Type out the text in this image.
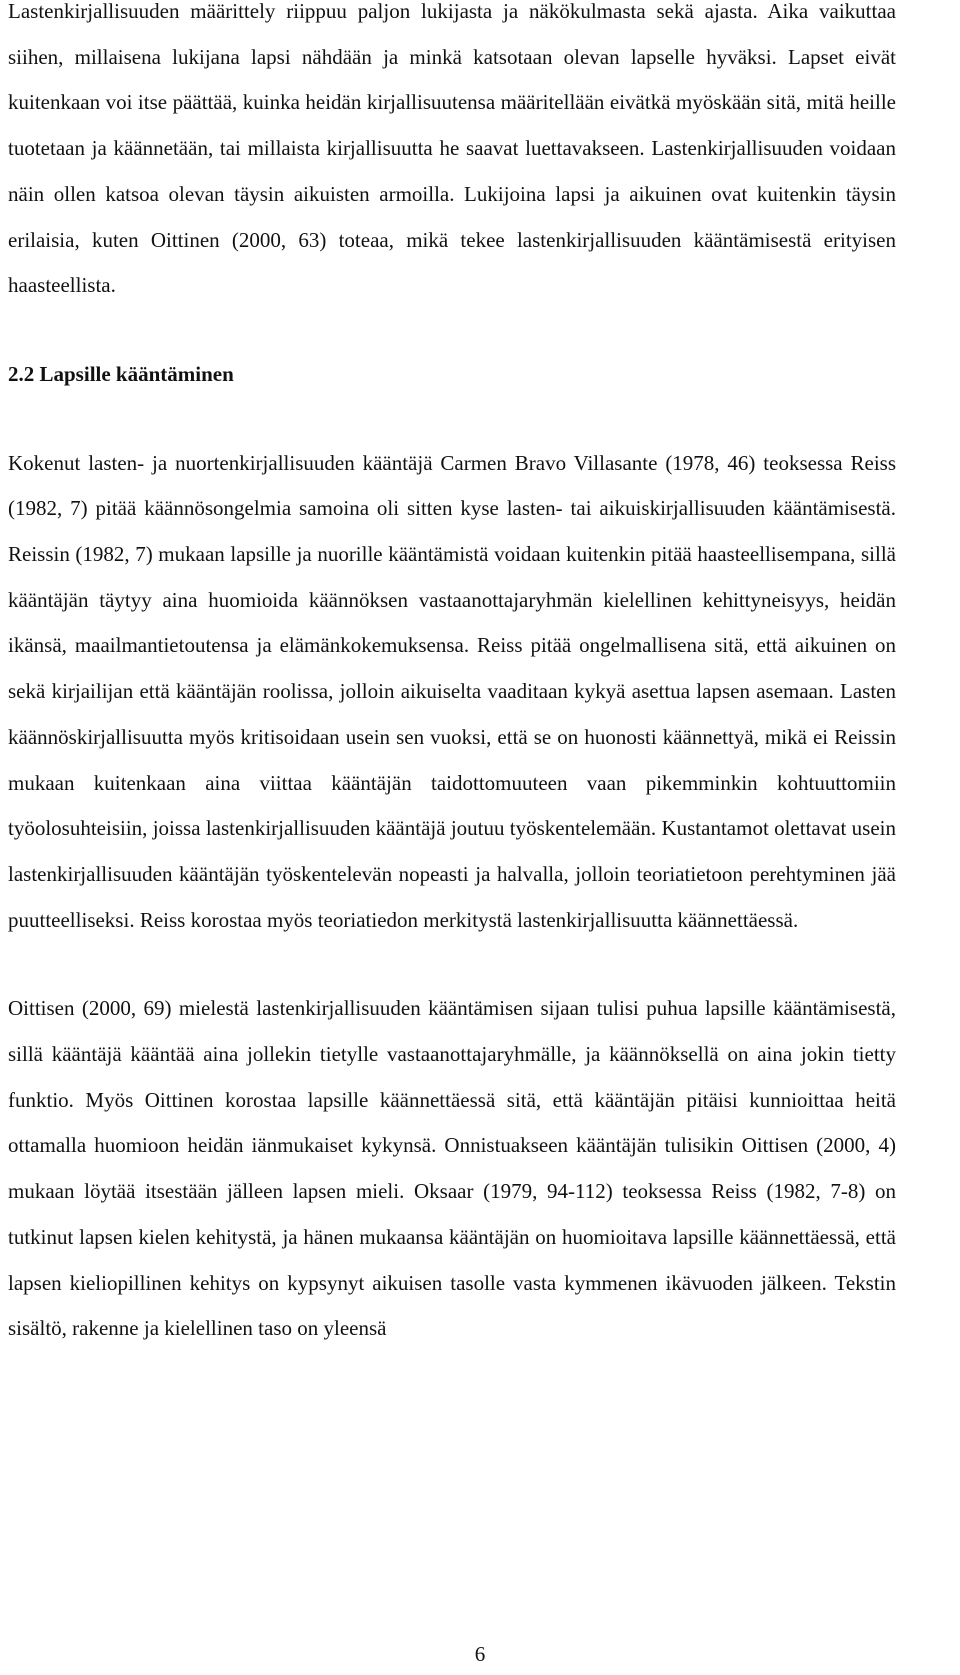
Lastenkirjallisuuden määrittely riippuu paljon lukijasta ja näkökulmasta sekä ajasta. Aika vaikuttaa siihen, millaisena lukijana lapsi nähdään ja minkä katsotaan olevan lapselle hyväksi. Lapset eivät kuitenkaan voi itse päättää, kuinka heidän kirjallisuutensa määritellään eivätkä myöskään sitä, mitä heille tuotetaan ja käännetään, tai millaista kirjallisuutta he saavat luettavakseen. Lastenkirjallisuuden voidaan näin ollen katsoa olevan täysin aikuisten armoilla. Lukijoina lapsi ja aikuinen ovat kuitenkin täysin erilaisia, kuten Oittinen (2000, 63) toteaa, mikä tekee lastenkirjallisuuden kääntämisestä erityisen haasteellista.

2.2 Lapsille kääntäminen

Kokenut lasten- ja nuortenkirjallisuuden kääntäjä Carmen Bravo Villasante (1978, 46) teoksessa Reiss (1982, 7) pitää käännösongelmia samoina oli sitten kyse lasten- tai aikuiskirjallisuuden kääntämisestä. Reissin (1982, 7) mukaan lapsille ja nuorille kääntämistä voidaan kuitenkin pitää haasteellisempana, sillä kääntäjän täytyy aina huomioida käännöksen vastaanottajaryhmän kielellinen kehittyneisyys, heidän ikänsä, maailmantietoutensa ja elämänkokemuksensa. Reiss pitää ongelmallisena sitä, että aikuinen on sekä kirjailijan että kääntäjän roolissa, jolloin aikuiselta vaaditaan kykyä asettua lapsen asemaan. Lasten käännöskirjallisuutta myös kritisoidaan usein sen vuoksi, että se on huonosti käännettyä, mikä ei Reissin mukaan kuitenkaan aina viittaa kääntäjän taidottomuuteen vaan pikemminkin kohtuuttomiin työolosuhteisiin, joissa lastenkirjallisuuden kääntäjä joutuu työskentelemään. Kustantamot olettavat usein lastenkirjallisuuden kääntäjän työskentelevän nopeasti ja halvalla, jolloin teoriatietoon perehtyminen jää puutteelliseksi. Reiss korostaa myös teoriatiedon merkitystä lastenkirjallisuutta käännettäessä.

Oittisen (2000, 69) mielestä lastenkirjallisuuden kääntämisen sijaan tulisi puhua lapsille kääntämisestä, sillä kääntäjä kääntää aina jollekin tietylle vastaanottajaryhmälle, ja käännöksellä on aina jokin tietty funktio. Myös Oittinen korostaa lapsille käännettäessä sitä, että kääntäjän pitäisi kunnioittaa heitä ottamalla huomioon heidän iänmukaiset kykynsä. Onnistuakseen kääntäjän tulisikin Oittisen (2000, 4) mukaan löytää itsestään jälleen lapsen mieli. Oksaar (1979, 94-112) teoksessa Reiss (1982, 7-8) on tutkinut lapsen kielen kehitystä, ja hänen mukaansa kääntäjän on huomioitava lapsille käännettäessä, että lapsen kieliopillinen kehitys on kypsynyt aikuisen tasolle vasta kymmenen ikävuoden jälkeen. Tekstin sisältö, rakenne ja kielellinen taso on yleensä

6
